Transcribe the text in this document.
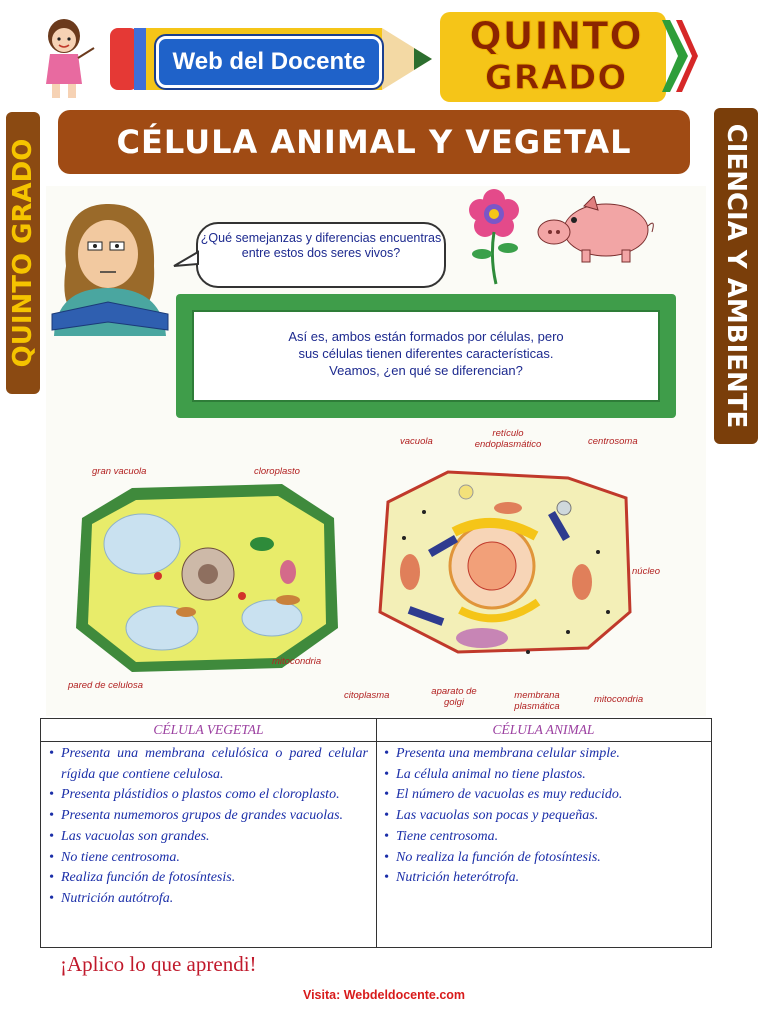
Web del Docente
QUINTO
GRADO
QUINTO GRADO	CIENCIA Y AMBIENTE
CÉLULA ANIMAL Y VEGETAL
¿Qué semejanzas y diferencias encuentras entre estos dos seres vivos?
Así es, ambos están formados por células, pero
sus células tienen diferentes características.
Veamos, ¿en qué se diferencian?
gran vacuola	cloroplasto
mitocondria
pared de celulosa
vacuola
retículo endoplasmático	centrosoma
núcleo
citoplasma	aparato de golgi
membrana plasmática
mitocondria
CÉLULA VEGETAL
• Presenta una membrana celulósica o pared celular rígida que contiene celulosa.
• Presenta plástidios o plastos como el cloroplasto.
• Presenta numemoros grupos de grandes vacuolas.
• Las vacuolas son grandes.
• No tiene centrosoma.
• Realiza función de fotosíntesis.
• Nutrición autótrofa.
CÉLULA ANIMAL
• Presenta una membrana celular simple.
• La célula animal no tiene plastos.
• El número de vacuolas es muy reducido.
• Las vacuolas son pocas y pequeñas.
• Tiene centrosoma.
• No realiza la función de fotosíntesis.
• Nutrición heterótrofa.
¡Aplico lo que aprendi!
Visita: Webdeldocente.com
